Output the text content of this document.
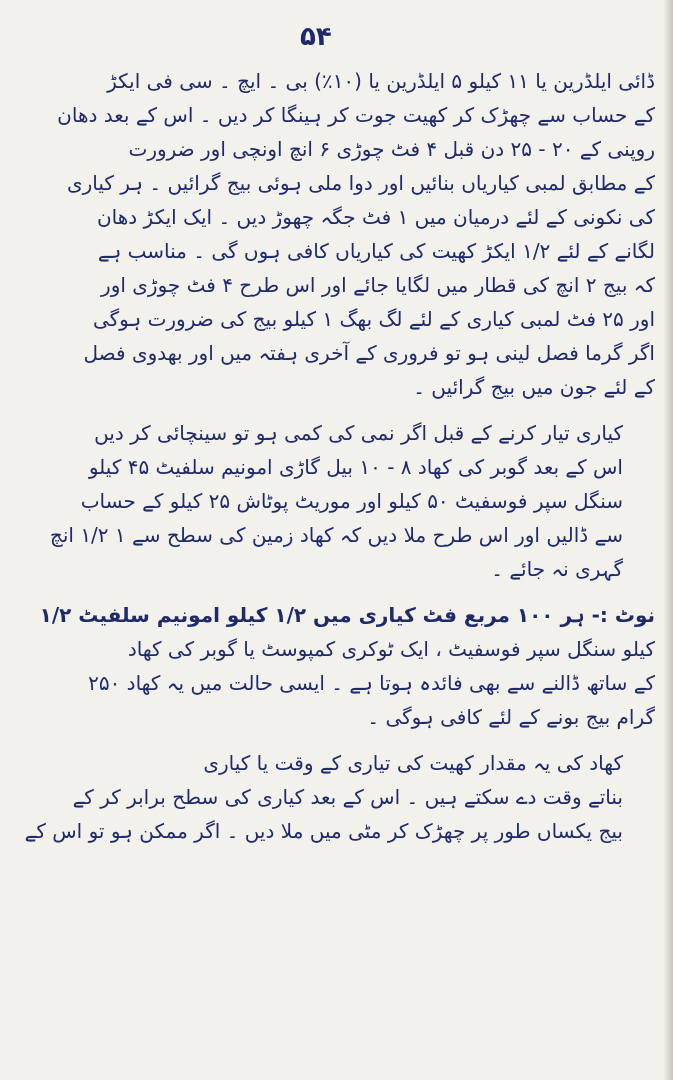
۵۴
ڈائی ایلڈرین یا ۱۱ کیلو ۵ ایلڈرین یا (۱۰٪) بی ۔ ایچ ۔ سی فی ایکڑ
کے حساب سے چھڑک کر کھیت جوت کر ہینگا کر دیں ۔ اس کے بعد دھان
روپنی کے ۲۰ - ۲۵ دن قبل ۴ فٹ چوڑی ۶ انچ اونچی اور ضرورت
کے مطابق لمبی کیاریاں بنائیں اور دوا ملی ہوئی بیج گرائیں ۔ ہر کیاری
کی نکونی کے لئے درمیان میں ۱ فٹ جگہ چھوڑ دیں ۔ ایک ایکڑ دھان
لگانے کے لئے ۱/۲ ایکڑ کھیت کی کیاریاں کافی ہوں گی ۔ مناسب ہے
کہ بیج ۲ انچ کی قطار میں لگایا جائے اور اس طرح ۴ فٹ چوڑی اور
اور ۲۵ فٹ لمبی کیاری کے لئے لگ بھگ ۱ کیلو بیج کی ضرورت ہوگی
اگر گرما فصل لینی ہو تو فروری کے آخری ہفتہ میں اور بھدوی فصل
کے لئے جون میں بیج گرائیں ۔
کیاری تیار کرنے کے قبل اگر نمی کی کمی ہو تو سینچائی کر دیں
اس کے بعد گوبر کی کھاد ۸ - ۱۰ بیل گاڑی امونیم سلفیٹ ۴۵ کیلو
سنگل سپر فوسفیٹ ۵۰ کیلو اور موریٹ پوٹاش ۲۵ کیلو کے حساب
سے ڈالیں اور اس طرح ملا دیں کہ کھاد زمین کی سطح سے ۱ ۱/۲ انچ
گہری نہ جائے ۔
نوٹ :- ہر ۱۰۰ مربع فٹ کیاری میں ۱/۲ کیلو امونیم سلفیٹ ۱/۲
کیلو سنگل سپر فوسفیٹ ، ایک ٹوکری کمپوسٹ یا گوبر کی کھاد
کے ساتھ ڈالنے سے بھی فائدہ ہوتا ہے ۔ ایسی حالت میں یہ کھاد ۲۵۰
گرام بیج بونے کے لئے کافی ہوگی ۔
کھاد کی یہ مقدار کھیت کی تیاری کے وقت یا کیاری
بناتے وقت دے سکتے ہیں ۔ اس کے بعد کیاری کی سطح برابر کر کے
بیج یکساں طور پر چھڑک کر مٹی میں ملا دیں ۔ اگر ممکن ہو تو اس کے
